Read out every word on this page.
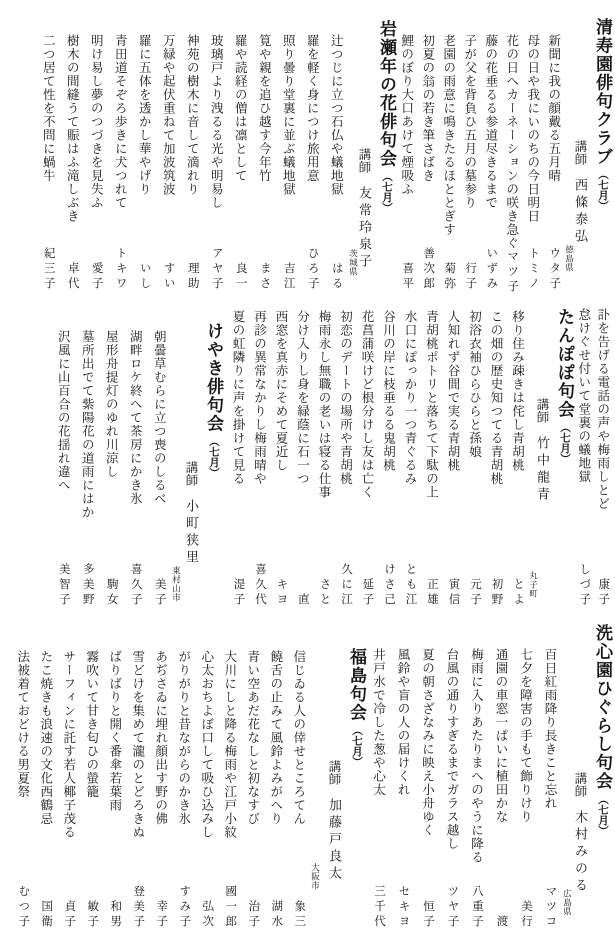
清寿園俳句クラブ（七月）
講師西條泰弘
徳島県
新聞に我の顔戴る五月晴
ウタ子
母の日や我にいのちの今日明日
トミノ
花の日へカーネーションの咲き急ぐ
マツ子
藤の花垂るる参道尽きるまで
いずみ
子が父を背負ひ五月の墓参り
行子
老園の雨意に鳴きたるほととぎす
菊弥
初夏の翁の若き筆さばき
善次郎
鯉のぼり大口あけて煙吸ふ
喜平
岩瀬年の花俳句会（七月）
講師友常玲泉子
茨城県
辻つじに立つ石仏や蟻地獄
はる
羅を軽く身につけ旅用意
ひろ子
照り曇り堂裏に並ぶ蟻地獄
吉江
筧や親を追ひ越す今年竹
まさ
羅や読経の僧は凛として
良一
玻璃戸より洩るる光や明易し
アヤ子
神苑の樹木に音して滴れり
理助
万緑や起伏重ねて加波筑波
すい
羅に五体を透かし華やげり
いし
青田道そぞろ歩きに犬つれて
トキワ
明け易し夢のつづきを見失ふ
愛子
樹木の間縫うて賑はふ滝しぶき
卓代
二つ居て性を不問に蝸牛
紀三子
訃を告げる電話の声や梅雨しとど
康子
怠けぐせ付いて堂裏の蟻地獄
しづ子
たんぽぽ句会（七月）
講師竹中龍青
丸子町
移り住み疎きは侘し青胡桃
とよ
この畑の歴史知つてる青胡桃
初野
初浴衣袖ひらひらと孫娘
元子
人知れず谷間で実る青胡桃
寅信
青胡桃ポトリと落ちて下駄の上
正雄
水口にぽっかり一つ青ぐるみ
とも江
谷川の岸に枝垂るる鬼胡桃
けさ己
花菖蒲咲けど根分けし友は亡く
延子
初恋のデートの場所や青胡桃
久に江
梅雨永し無職の老いは寝る仕事
さと
分け入りし身を緑蔭に石一つ
直
西窓を真赤にそめて夏近し
キヨ
再診の異常なかりし梅雨晴や
喜久代
夏の虹隣りに声を掛けて見る
湜子
けやき俳句会（七月）
講師小町狭里
東村山市
朝曇草むらに立つ喪のしるべ
美子
湖畔ロケ終へて茶房にかき氷
喜久子
屋形舟提灯のゆれ川涼し
駒女
墓所出でて紫陽花の道雨にはか
多美野
沢風に山百合の花揺れ違へ
美智子
洗心園ひぐらし句会（七月）
講師木村みのる
広島県
百日紅雨降り長きこと忘れ
マツコ
七夕を障害の手もて飾りけり
美行
通園の車窓一ぱいに植田かな
渡
梅雨に入りあたりまへのやうに降る
八重子
台風の通りすぎるまでガラス越し
ツヤ子
夏の朝さざなみに映え小舟ゆく
恒子
風鈴や盲の人の届けくれ
セキヨ
井戸水で冷した葱や心太
三千代
福島句会（七月）
講師加藤戸良太
大阪市
信じゐる人の倖せところてん
象三
饒舌の止みて風鈴よみがへり
湖水
青い空あだ花なしと初なすび
治子
大川にしと降る梅雨や江戸小紋
國一郎
心太おちよぼ口して吸ひ込みし
弘次
がりがりと昔ながらのかき氷
すみ子
あぢさゐに埋れ顔出す野の佛
幸子
雪どけを集めて瀧のとどろきぬ
登美子
ばりばりと開く番傘若葉雨
和男
霧吹いて甘き匂ひの螢籠
敏子
サーフィンに託す若人椰子茂る
貞子
たこ焼きも浪速の文化西鶴忌
国衛
法被着ておどける男夏祭
むつ子
